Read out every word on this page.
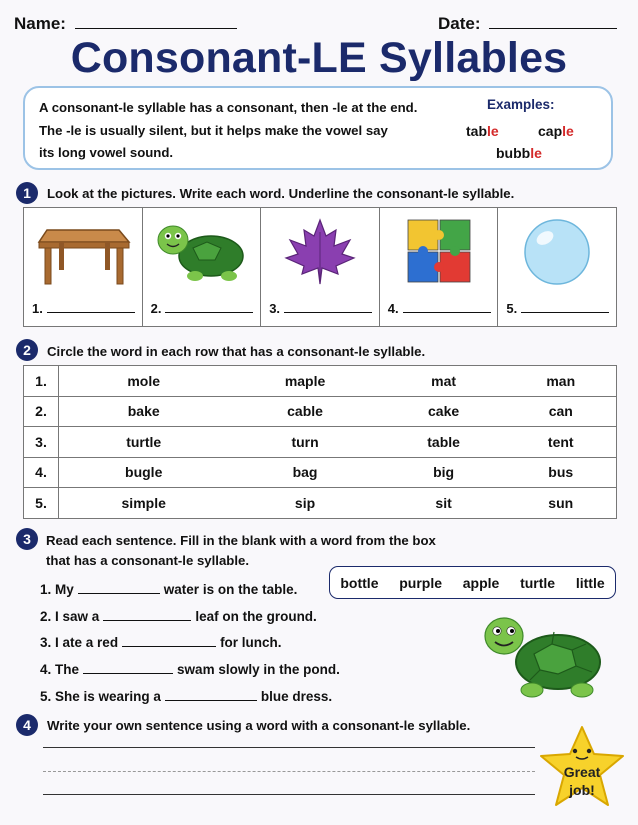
Name:	Date:
Consonant-LE Syllables
A consonant-le syllable has a consonant, then -le at the end.
The -le is usually silent, but it helps make the vowel say
its long vowel sound.
Examples:
table	caple
bubble
1	Look at the pictures. Write each word. Underline the consonant-le syllable.
1.	2.	3.	4.	5.
2	Circle the word in each row that has a consonant-le syllable.
1.	mole	maple	mat	man
2.	bake	cable	cake	can
3.	turtle	turn	table	tent
4.	bugle	bag	big	bus
5.	simple	sip	sit	sun
3	Read each sentence. Fill in the blank with a word from the box
that has a consonant-le syllable.
bottle purple apple turtle little
1. My	water is on the table.
2. I saw a	leaf on the ground.
3. I ate a red	for lunch.
4. The	swam slowly in the pond.
5. She is wearing a	blue dress.
4	Write your own sentence using a word with a consonant-le syllable.
Great
job!
